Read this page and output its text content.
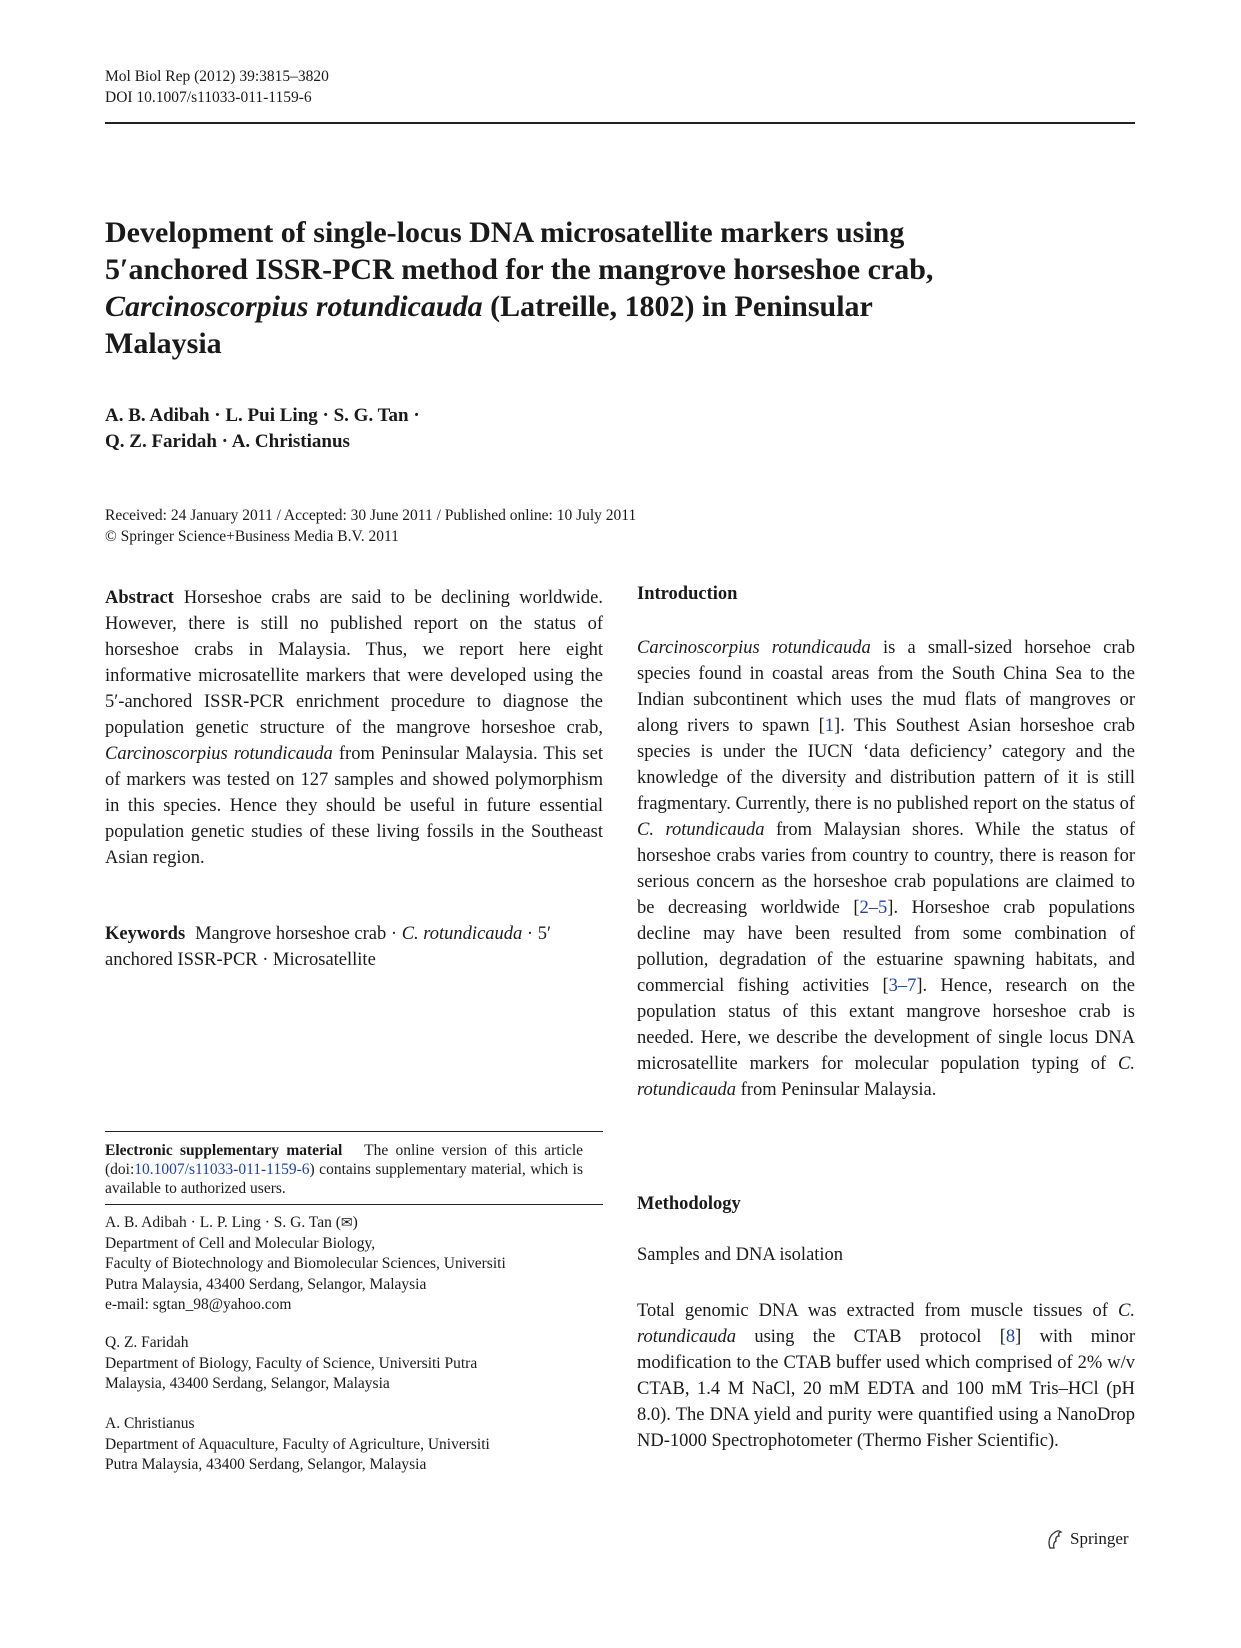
Mol Biol Rep (2012) 39:3815–3820
DOI 10.1007/s11033-011-1159-6
Development of single-locus DNA microsatellite markers using
5′anchored ISSR-PCR method for the mangrove horseshoe crab,
Carcinoscorpius rotundicauda (Latreille, 1802) in Peninsular
Malaysia
A. B. Adibah · L. Pui Ling · S. G. Tan ·
Q. Z. Faridah · A. Christianus
Received: 24 January 2011 / Accepted: 30 June 2011 / Published online: 10 July 2011
© Springer Science+Business Media B.V. 2011
Abstract Horseshoe crabs are said to be declining worldwide. However, there is still no published report on the status of horseshoe crabs in Malaysia. Thus, we report here eight informative microsatellite markers that were developed using the 5′-anchored ISSR-PCR enrichment procedure to diagnose the population genetic structure of the mangrove horseshoe crab, Carcinoscorpius rotundicauda from Peninsular Malaysia. This set of markers was tested on 127 samples and showed polymorphism in this species. Hence they should be useful in future essential population genetic studies of these living fossils in the Southeast Asian region.
Keywords Mangrove horseshoe crab · C. rotundicauda · 5′ anchored ISSR-PCR · Microsatellite
Electronic supplementary material The online version of this article (doi:10.1007/s11033-011-1159-6) contains supplementary material, which is available to authorized users.
A. B. Adibah · L. P. Ling · S. G. Tan (✉)
Department of Cell and Molecular Biology,
Faculty of Biotechnology and Biomolecular Sciences, Universiti
Putra Malaysia, 43400 Serdang, Selangor, Malaysia
e-mail: sgtan_98@yahoo.com
Q. Z. Faridah
Department of Biology, Faculty of Science, Universiti Putra
Malaysia, 43400 Serdang, Selangor, Malaysia
A. Christianus
Department of Aquaculture, Faculty of Agriculture, Universiti
Putra Malaysia, 43400 Serdang, Selangor, Malaysia
Introduction
Carcinoscorpius rotundicauda is a small-sized horsehoe crab species found in coastal areas from the South China Sea to the Indian subcontinent which uses the mud flats of mangroves or along rivers to spawn [1]. This Southest Asian horseshoe crab species is under the IUCN ‘data deficiency’ category and the knowledge of the diversity and distribution pattern of it is still fragmentary. Currently, there is no published report on the status of C. rotundicauda from Malaysian shores. While the status of horseshoe crabs varies from country to country, there is reason for serious concern as the horseshoe crab populations are claimed to be decreasing worldwide [2–5]. Horseshoe crab populations decline may have been resulted from some combination of pollution, degradation of the estuarine spawning habitats, and commercial fishing activities [3–7]. Hence, research on the population status of this extant mangrove horseshoe crab is needed. Here, we describe the development of single locus DNA microsatellite markers for molecular population typing of C. rotundicauda from Peninsular Malaysia.
Methodology
Samples and DNA isolation
Total genomic DNA was extracted from muscle tissues of C. rotundicauda using the CTAB protocol [8] with minor modification to the CTAB buffer used which comprised of 2% w/v CTAB, 1.4 M NaCl, 20 mM EDTA and 100 mM Tris–HCl (pH 8.0). The DNA yield and purity were quantified using a NanoDrop ND-1000 Spectrophotometer (Thermo Fisher Scientific).
Springer
